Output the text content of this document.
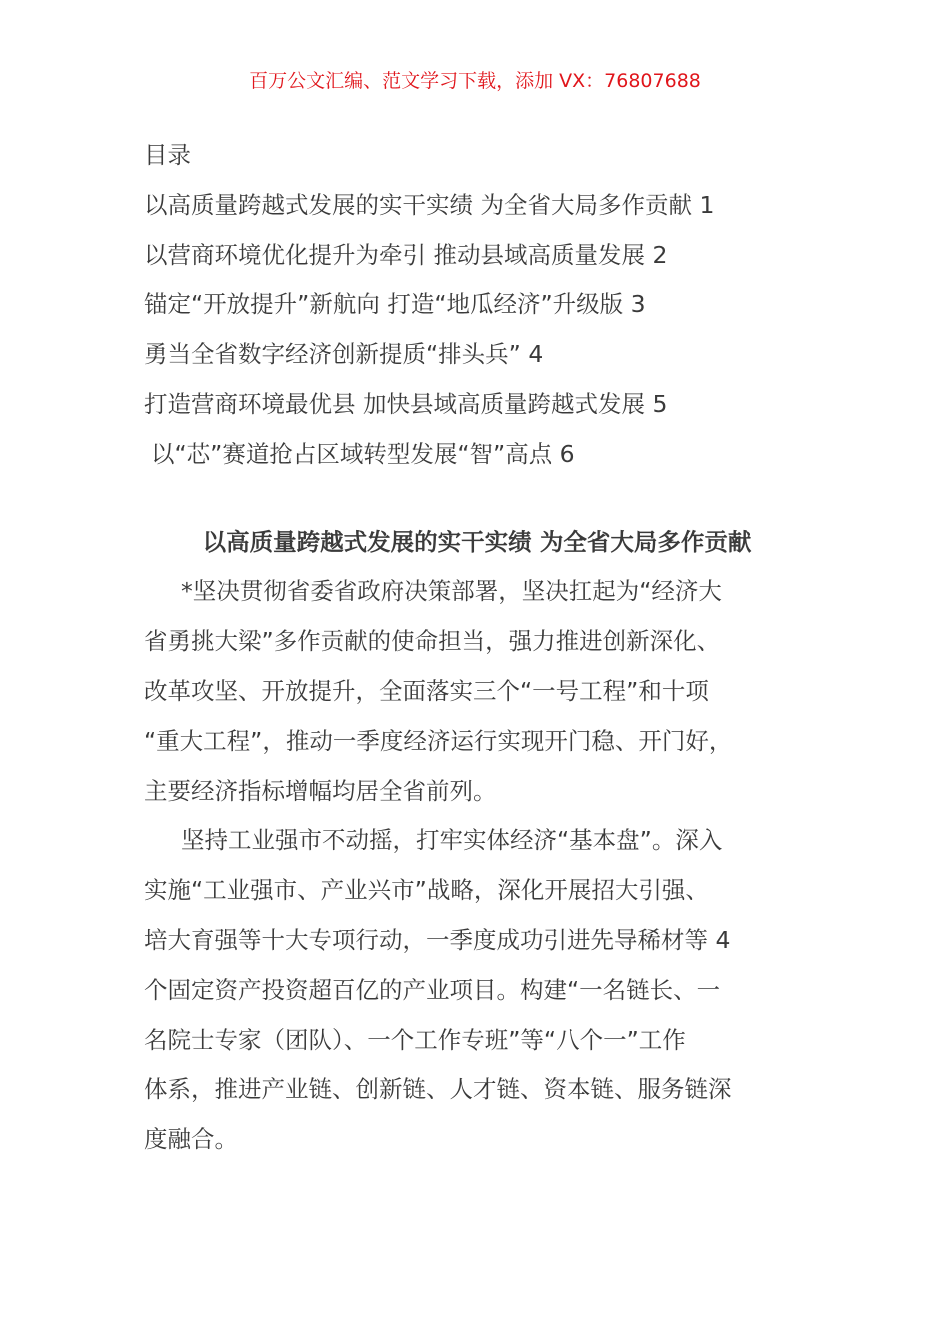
百万公文汇编、范文学习下载，添加 VX：76807688
目录
以高质量跨越式发展的实干实绩 为全省大局多作贡献 1
以营商环境优化提升为牵引 推动县域高质量发展 2
锚定“开放提升”新航向 打造“地瓜经济”升级版 3
勇当全省数字经济创新提质“排头兵” 4
打造营商环境最优县 加快县域高质量跨越式发展 5
以“芯”赛道抢占区域转型发展“智”高点 6
以高质量跨越式发展的实干实绩 为全省大局多作贡献

*坚决贯彻省委省政府决策部署，坚决扛起为“经济大
省勇挑大梁”多作贡献的使命担当，强力推进创新深化、
改革攻坚、开放提升，全面落实三个“一号工程”和十项
“重大工程”，推动一季度经济运行实现开门稳、开门好，
主要经济指标增幅均居全省前列。

坚持工业强市不动摇，打牢实体经济“基本盘”。深入
实施“工业强市、产业兴市”战略，深化开展招大引强、
培大育强等十大专项行动，一季度成功引进先导稀材等 4
个固定资产投资超百亿的产业项目。构建“一名链长、一
名院士专家（团队）、一个工作专班”等“八个一”工作
体系，推进产业链、创新链、人才链、资本链、服务链深
度融合。
